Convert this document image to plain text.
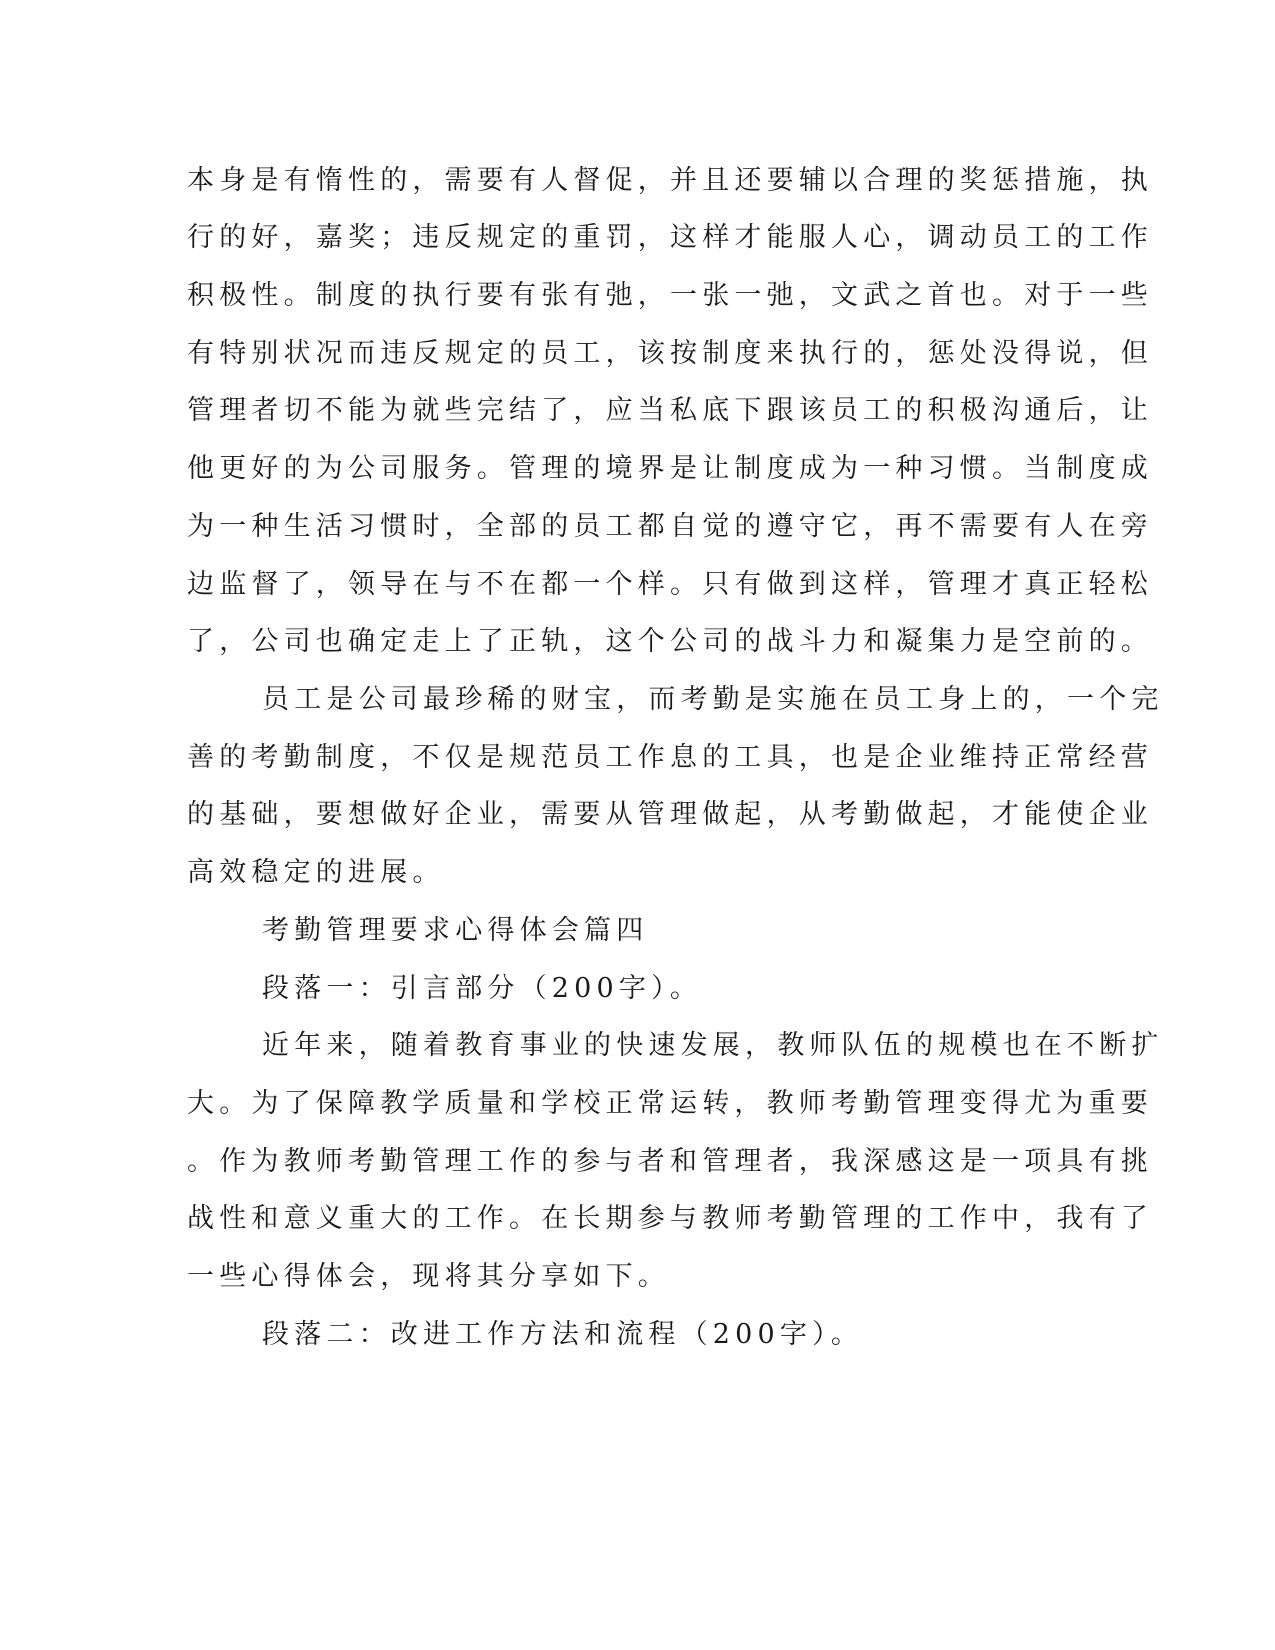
本身是有惰性的，需要有人督促，并且还要辅以合理的奖惩措施，执
行的好，嘉奖；违反规定的重罚，这样才能服人心，调动员工的工作
积极性。制度的执行要有张有弛，一张一弛，文武之首也。对于一些
有特别状况而违反规定的员工，该按制度来执行的，惩处没得说，但
管理者切不能为就些完结了，应当私底下跟该员工的积极沟通后，让
他更好的为公司服务。管理的境界是让制度成为一种习惯。当制度成
为一种生活习惯时，全部的员工都自觉的遵守它，再不需要有人在旁
边监督了，领导在与不在都一个样。只有做到这样，管理才真正轻松
了，公司也确定走上了正轨，这个公司的战斗力和凝集力是空前的。
员工是公司最珍稀的财宝，而考勤是实施在员工身上的，一个完
善的考勤制度，不仅是规范员工作息的工具，也是企业维持正常经营
的基础，要想做好企业，需要从管理做起，从考勤做起，才能使企业
高效稳定的进展。
考勤管理要求心得体会篇四
段落一：引言部分（200字）。
近年来，随着教育事业的快速发展，教师队伍的规模也在不断扩
大。为了保障教学质量和学校正常运转，教师考勤管理变得尤为重要
。作为教师考勤管理工作的参与者和管理者，我深感这是一项具有挑
战性和意义重大的工作。在长期参与教师考勤管理的工作中，我有了
一些心得体会，现将其分享如下。
段落二：改进工作方法和流程（200字）。
